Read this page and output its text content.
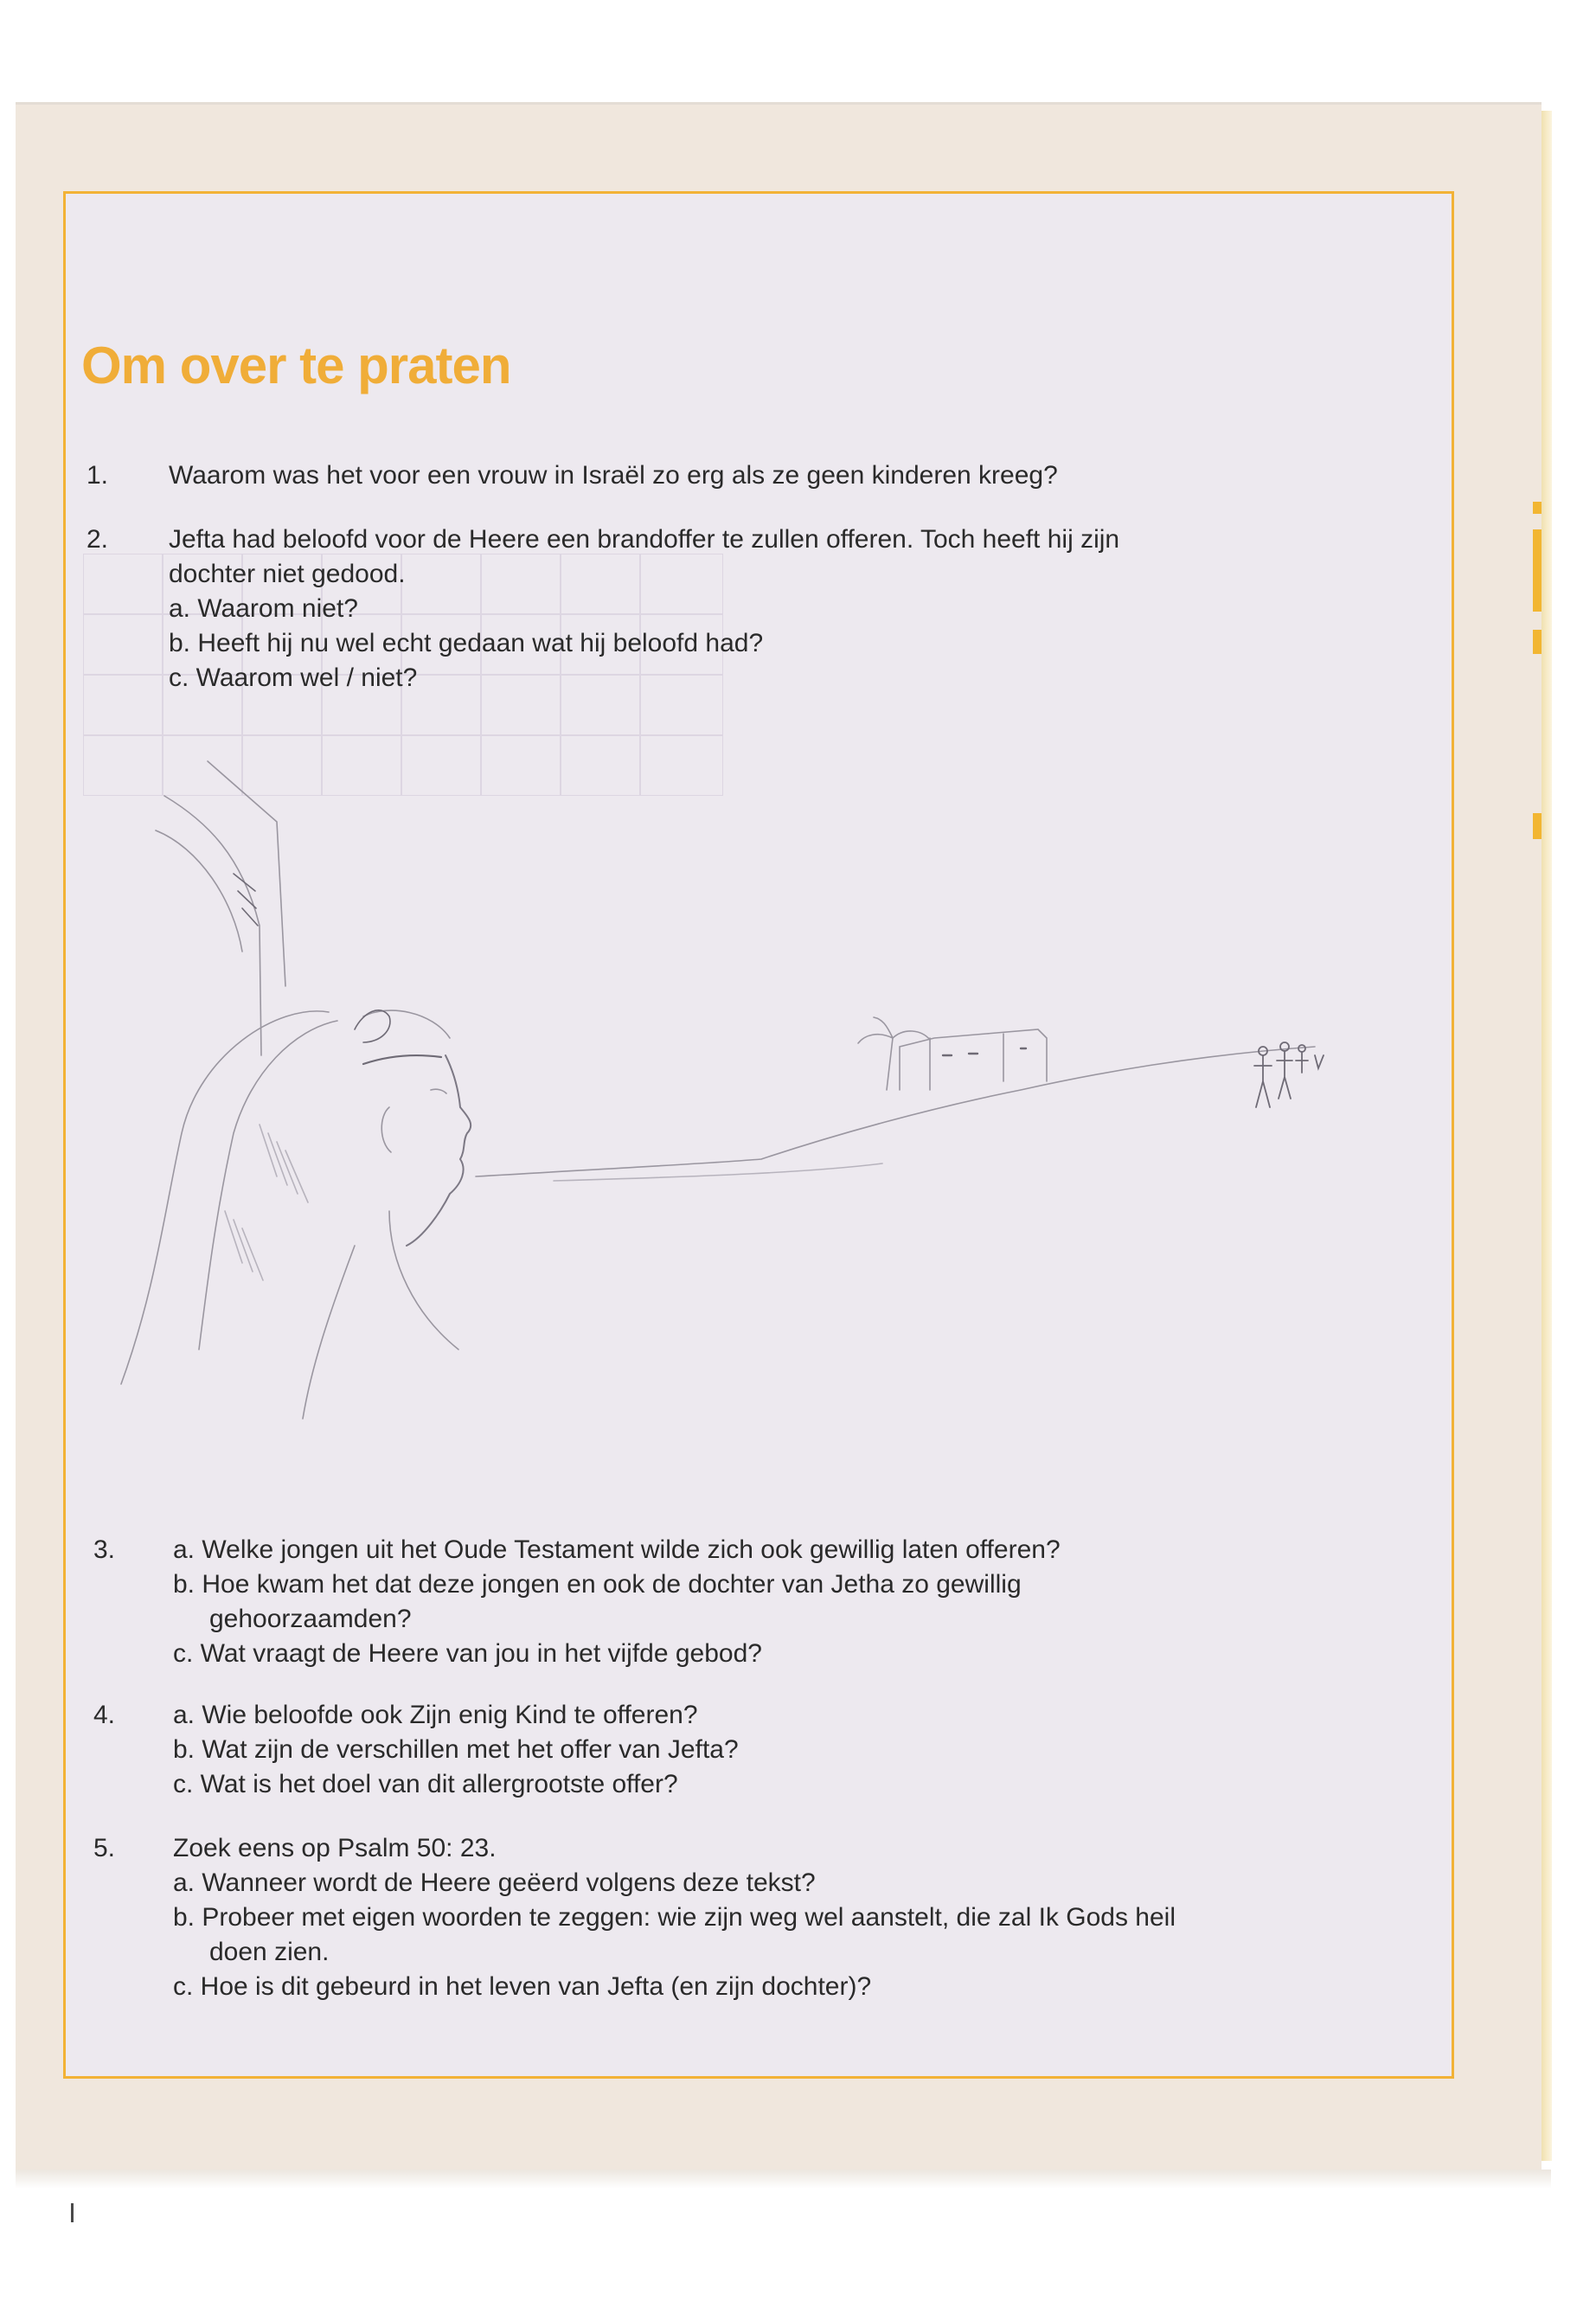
Om over te praten
1.	Waarom was het voor een vrouw in Israël zo erg als ze geen kinderen kreeg?
2.	Jefta had beloofd voor de Heere een brandoffer te zullen offeren. Toch heeft hij zijn
dochter niet gedood.
a. Waarom niet?
b. Heeft hij nu wel echt gedaan wat hij beloofd had?
c. Waarom wel / niet?
3.	a. Welke jongen uit het Oude Testament wilde zich ook gewillig laten offeren?
b. Hoe kwam het dat deze jongen en ook de dochter van Jetha zo gewillig
gehoorzaamden?
c. Wat vraagt de Heere van jou in het vijfde gebod?
4.	a. Wie beloofde ook Zijn enig Kind te offeren?
b. Wat zijn de verschillen met het offer van Jefta?
c. Wat is het doel van dit allergrootste offer?
5.	Zoek eens op Psalm 50: 23.
a. Wanneer wordt de Heere geëerd volgens deze tekst?
b. Probeer met eigen woorden te zeggen: wie zijn weg wel aanstelt, die zal Ik Gods heil
doen zien.
c. Hoe is dit gebeurd in het leven van Jefta (en zijn dochter)?
